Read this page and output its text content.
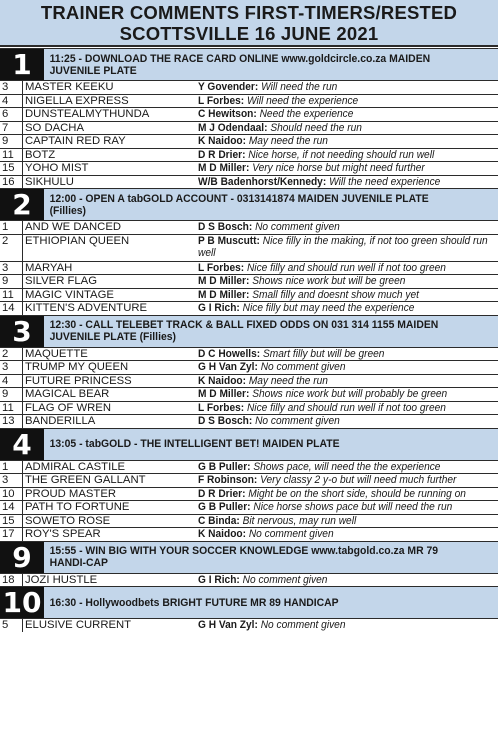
TRAINER COMMENTS FIRST-TIMERS/RESTED
SCOTTSVILLE 16 JUNE 2021
1	11:25 - DOWNLOAD THE RACE CARD ONLINE www.goldcircle.co.za MAIDEN JUVENILE PLATE
3	MASTER KEEKU	Y Govender: Will need the run
4	NIGELLA EXPRESS	L Forbes: Will need the experience
6	DUNSTEALMYTHUNDA	C Hewitson: Need the experience
7	SO DACHA	M J Odendaal: Should need the run
9	CAPTAIN RED RAY	K Naidoo: May need the run
11 BOTZ	D R Drier: Nice horse, if not needing should run well
15 YOHO MIST	M D Miller: Very nice horse but might need further
16 SIKHULU	W/B Badenhorst/Kennedy: Will the need experience
2	12:00 - OPEN A tabGOLD ACCOUNT - 0313141874 MAIDEN JUVENILE PLATE (Fillies)
1	AND WE DANCED	D S Bosch: No comment given
2	ETHIOPIAN QUEEN	P B Muscutt: Nice filly in the making, if not too green should run well
3	MARYAH	L Forbes: Nice filly and should run well if not too green
9	SILVER FLAG	M D Miller: Shows nice work but will be green
11 MAGIC VINTAGE	M D Miller: Small filly and doesnt show much yet
14 KITTEN'S ADVENTURE	G I Rich: Nice filly but may need the experience
3	12:30 - CALL TELEBET TRACK & BALL FIXED ODDS ON 031 314 1155 MAIDEN JUVENILE PLATE (Fillies)
2	MAQUETTE	D C Howells: Smart filly but will be green
3	TRUMP MY QUEEN	G H Van Zyl: No comment given
4	FUTURE PRINCESS	K Naidoo: May need the run
9	MAGICAL BEAR	M D Miller: Shows nice work but will probably be green
11 FLAG OF WREN	L Forbes: Nice filly and should run well if not too green
13 BANDERILLA	D S Bosch: No comment given
4	13:05 - tabGOLD - THE INTELLIGENT BET! MAIDEN PLATE
1	ADMIRAL CASTILE	G B Puller: Shows pace, will need the the experience
3	THE GREEN GALLANT	F Robinson: Very classy 2 y-o but will need much further
10 PROUD MASTER	D R Drier: Might be on the short side, should be running on
14 PATH TO FORTUNE	G B Puller: Nice horse shows pace but will need the run
15 SOWETO ROSE	C Binda: Bit nervous, may run well
17 ROY'S SPEAR	K Naidoo: No comment given
9	15:55 - WIN BIG WITH YOUR SOCCER KNOWLEDGE www.tabgold.co.za MR 79 HANDI-CAP
18 JOZI HUSTLE	G I Rich: No comment given
10 16:30 - Hollywoodbets BRIGHT FUTURE MR 89 HANDICAP
5	ELUSIVE CURRENT	G H Van Zyl: No comment given
